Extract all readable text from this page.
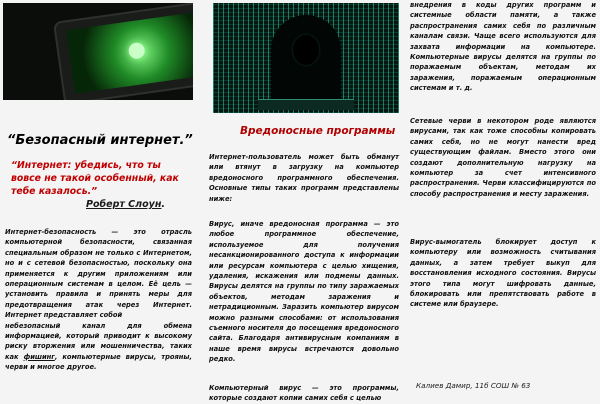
“Безопасный интернет.”
“Интернет: убедись, что ты вовсе не такой особенный, как тебе казалось.”
Роберт Слоун.

Интернет-безопасность — это отрасль компьютерной безопасности, связанная специальным образом не только с Интернетом, но и с сетевой безопасностью, поскольку она применяется к другим приложениям или операционным системам в целом. Её цель — установить правила и принять меры для предотвращения атак через Интернет. Интернет представляет собой

небезопасный канал для обмена информацией, который приводит к высокому риску вторжения или мошенничества, таких как фишинг, компьютерные вирусы, трояны, черви и многое другое.

Вредоносные программы
Интернет-пользователь может быть обманут или втянут в загрузку на компьютер вредоносного программного обеспечения. Основные типы таких программ представлены ниже:
Вирус, иначе вредоносная программа — это любое программное обеспечение, используемое для получения несанкционированного доступа к информации или ресурсам компьютера с целью хищения, удаления, искажения или подмены данных. Вирусы делятся на группы по типу заражаемых объектов, методам заражения и нетрадиционным. Заразить компьютер вирусом можно разными способами: от использования съемного носителя до посещения вредоносного сайта. Благодаря антивирусным компаниям в наше время вирусы встречаются довольно редко.
Компьютерный вирус — это программы, которые создают копии самих себя с целью
внедрения в коды других программ и системные области памяти, а также распространения самих себя по различным каналам связи. Чаще всего используются для захвата информации на компьютере. Компьютерные вирусы делятся на группы по поражаемым объектам, методам их заражения, поражаемым операционным системам и т. д.
Сетевые черви в некотором роде являются вирусами, так как тоже способны копировать самих себя, но не могут нанести вред существующим файлам. Вместо этого они создают дополнительную нагрузку на компьютер за счет интенсивного распространения. Черви классифицируются по способу распространения и месту заражения.
Вирус-вымогатель блокирует доступ к компьютеру или возможность считывания данных, а затем требует выкуп для восстановления исходного состояния. Вирусы этого типа могут шифровать данные, блокировать или препятствовать работе в системе или браузере.
Калиев Дамир, 11б СОШ № 63
